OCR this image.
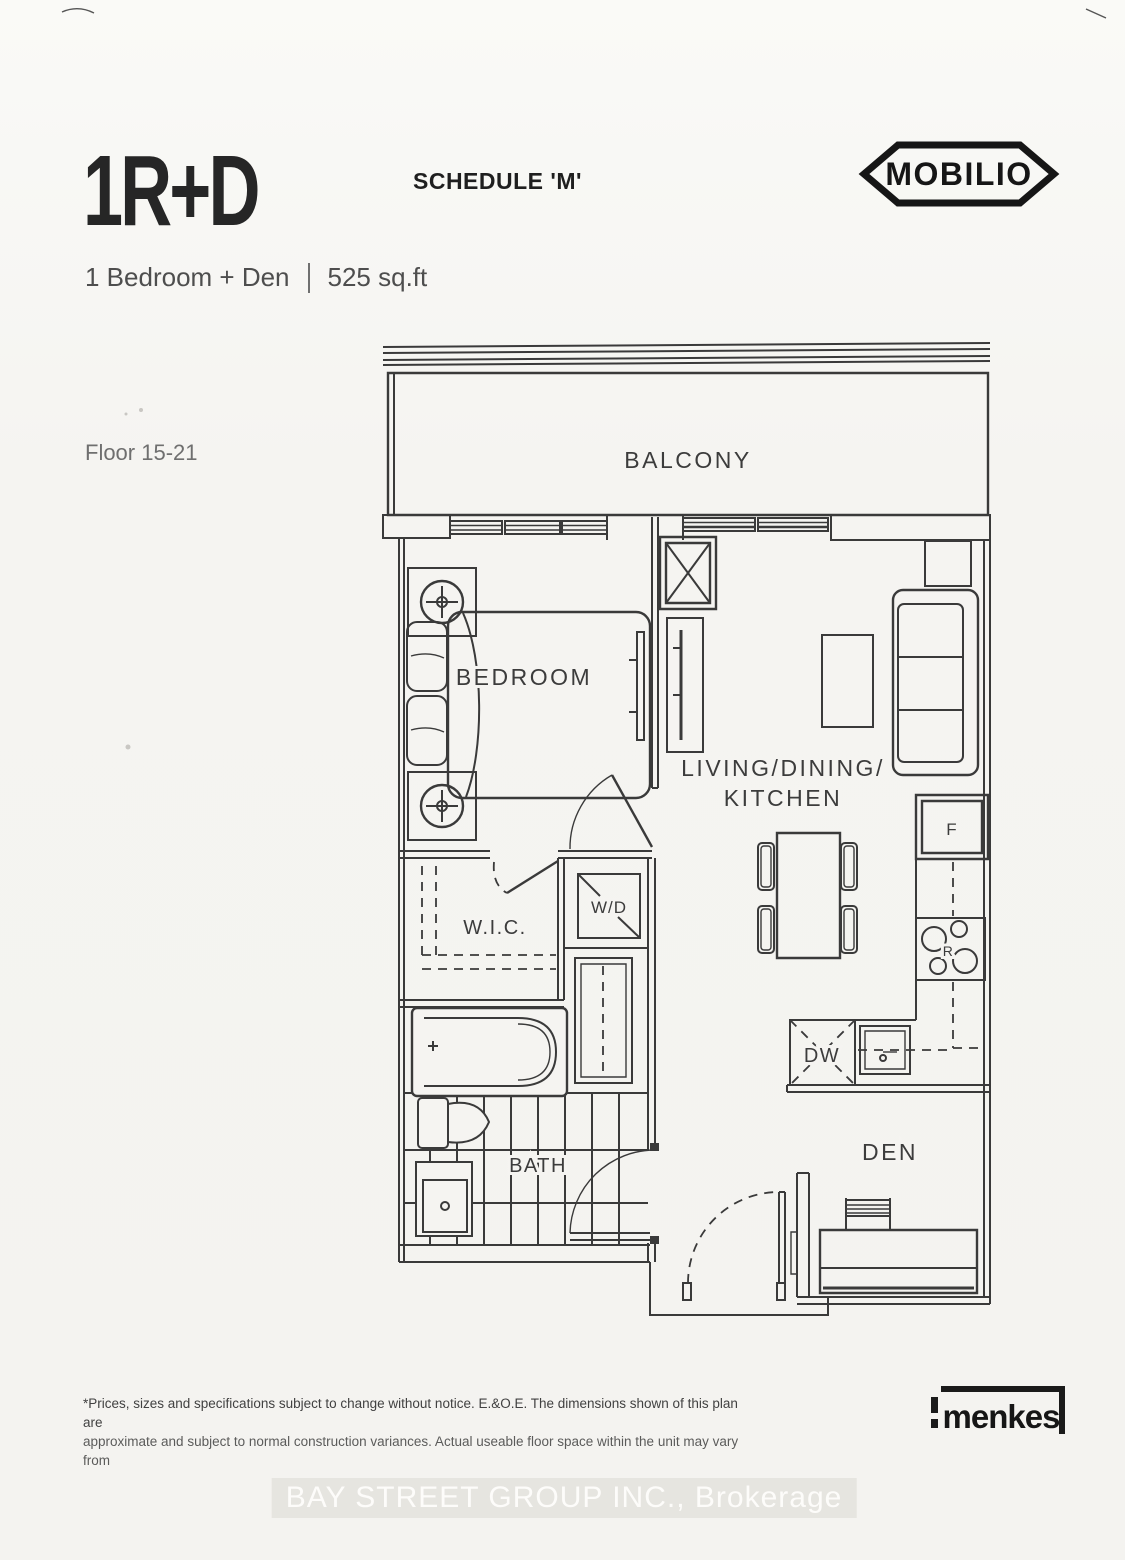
1R+D	SCHEDULE 'M'	MOBILIO
1 Bedroom + Den 525 sq.ft
Floor 15-21	BALCONY
BEDROOM
W.I.C.
W/D
BATH
F
R
DW
LIVING/DINING/
KITCHEN
DEN
*Prices, sizes and specifications subject to change without notice. E.&O.E. The dimensions shown of this plan are
approximate and subject to normal construction variances. Actual useable floor space within the unit may vary from
menkes
BAY STREET GROUP INC., Brokerage
